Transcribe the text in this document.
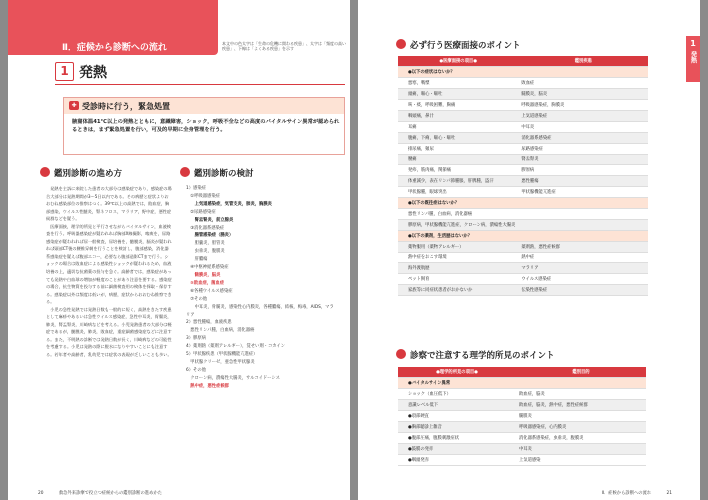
Ⅱ．症候から診断への流れ	本文中の色太字は「生命の危機に関わる疾患」、太字は「頻度の高い疾患」、下線は「よくある疾患」を示す
1 発熱
✚ 受診時に行う，緊急処置
腋窩体温41℃以上の発熱とともに，意識障害，ショック，呼吸不全などの高度のバイタルサイン異常が認められるときは，まず緊急処置を行い，可及的早期に全身管理を行う。
鑑別診断の進め方

　発熱を主訴に来院した患者の大部分は感染症であり，感染症の場合大部分は発熱期間が3〜5日以内である。その病歴と症状よりおおむね感染部位の推察はつく。39℃以上の高熱では，敗血症，胸部感染，ウイルス性髄炎，腎ネフロス，マラリア，野中症，悪性症候群などを疑う。

　医療面接，理学的所見と平行させながらバイタルサイン，血液検査を行う。呼吸器感染症が疑われれば胸部X線撮影，喀痰を，尿路感染症が疑われれば尿一般検査，尿培養を，髄膜炎，脳炎が疑われれば頭部CT後の腰椎穿刺を行うことを検討し，腹部感染，消化器系感染症を疑えば腹部エコー，必要なら腹部造影CTまで行う。ショックの場合は敗血症による感染性ショックが疑われるため，血液培養の上，適切な抗菌薬の投与を急ぐ。高齢者では，感染症があっても発熱や白血球の増加が軽度のことがあり注意を要する。感染症の場合，抗生物質を投与する前に細菌検査用の検体を採取・保存する。感染症以外は頻度は低いが，病歴，症状からおおむね推察できる。

　小児の急性発熱では発熱日数も一般的に短く，高熱をきたす疾患として麻疹やあるいは急性ウイルス感染症，急性中耳炎，胃腸炎，肺炎，腎盂腎炎，川崎病などを考える。小児発熱患者の大部分は軽症であるが，髄膜炎，肺炎，敗血症，重症細菌感染症などに注意する。また，不明熱の診断では発熱日数が長く，川崎病などの可能性を考慮する。小児は発熱の際に脱水になりやすいことにも注意する。若年者や高齢者，乳幼児では症状の表現が乏しいことも多い。

鑑別診断の検討
1）感染症
　①呼吸器感染症
　　上気道感染症，気管支炎，肺炎，胸膜炎
　②尿路感染症
　　腎盂腎炎，前立腺炎
　③消化器系感染症
　　腸管感染症（腸炎）
　　胆嚢炎，胆管炎
　　虫垂炎，腹膜炎
　　肝膿瘍
　④中枢神経系感染症
　　髄膜炎，脳炎
　⑤敗血症，菌血症
　⑥各種ウイルス感染症
　⑦その他
　　中耳炎，骨髄炎，感染性心内膜炎，各種膿瘍，結核，梅毒，AIDS，マラリア
2）悪性腫瘍，血液疾患
　悪性リンパ腫，白血病，消化器癌
3）膠原病
4）薬剤熱（薬剤アレルギー），覚せい剤・コカイン
5）甲状腺疾患（甲状腺機能亢進症）
　甲状腺クリーゼ，亜急性甲状腺炎
6）その他
　クローン病，潰瘍性大腸炎，サルコイドーシス
　熱中症，悪性症候群
20	救急外来診療で役立つ症候からの鑑別診断の進めかた
1
発熱
必ず行う医療面接のポイント
●医療面接の項目●	鑑別疾患
●以下の症状はないか？	
悪寒，戦慄	敗血症
頭痛，嘔心・嘔吐	髄膜炎，脳炎
咳・痰，呼吸困難，胸痛	呼吸器感染症，胸膜炎
咽頭痛，鼻汁	上気道感染症
耳痛	中耳炎
腹痛，下痢，嘔心・嘔吐	消化器系感染症
排尿痛，頻尿	尿路感染症
腰痛	腎盂腎炎
発疹，筋肉痛，関節痛	膠原病
体重減少，表在リンパ節腫脹，肝脾腫，盗汗	悪性腫瘍
甲状腺腫，眼球突出	甲状腺機能亢進症
●以下の既往症はないか？	
悪性リンパ腫，白血病，消化器癌	
膠原病，甲状腺機能亢進症，クローン病，潰瘍性大腸炎	
●以下の薬剤，生活歴はないか？	
薬物服用（薬物アレルギー）	薬剤熱，悪性症候群
熱中症をおこす環境	熱中症
海外渡航歴	マラリア
ペット飼育	ウイルス感染症
家族等に同症状患者がおかないか	伝染性感染症
診察で注意する理学的所見のポイント
●理学的所見の項目●	鑑別目的
●バイタルサイン異常	
ショック（血圧低下）	敗血症，脳炎
意識レベル低下	敗血症，脳炎，熱中症，悪性症候群
●項部硬直	髄膜炎
●胸部聴診上雑音	呼吸器感染症，心内膜炎
●腹部圧痛，腹膜刺激症状	消化器系感染症，虫垂炎，腹膜炎
●鼓膜の発赤	中耳炎
●咽頭発赤	上気道感染
Ⅱ．症候から診断への流れ	21
